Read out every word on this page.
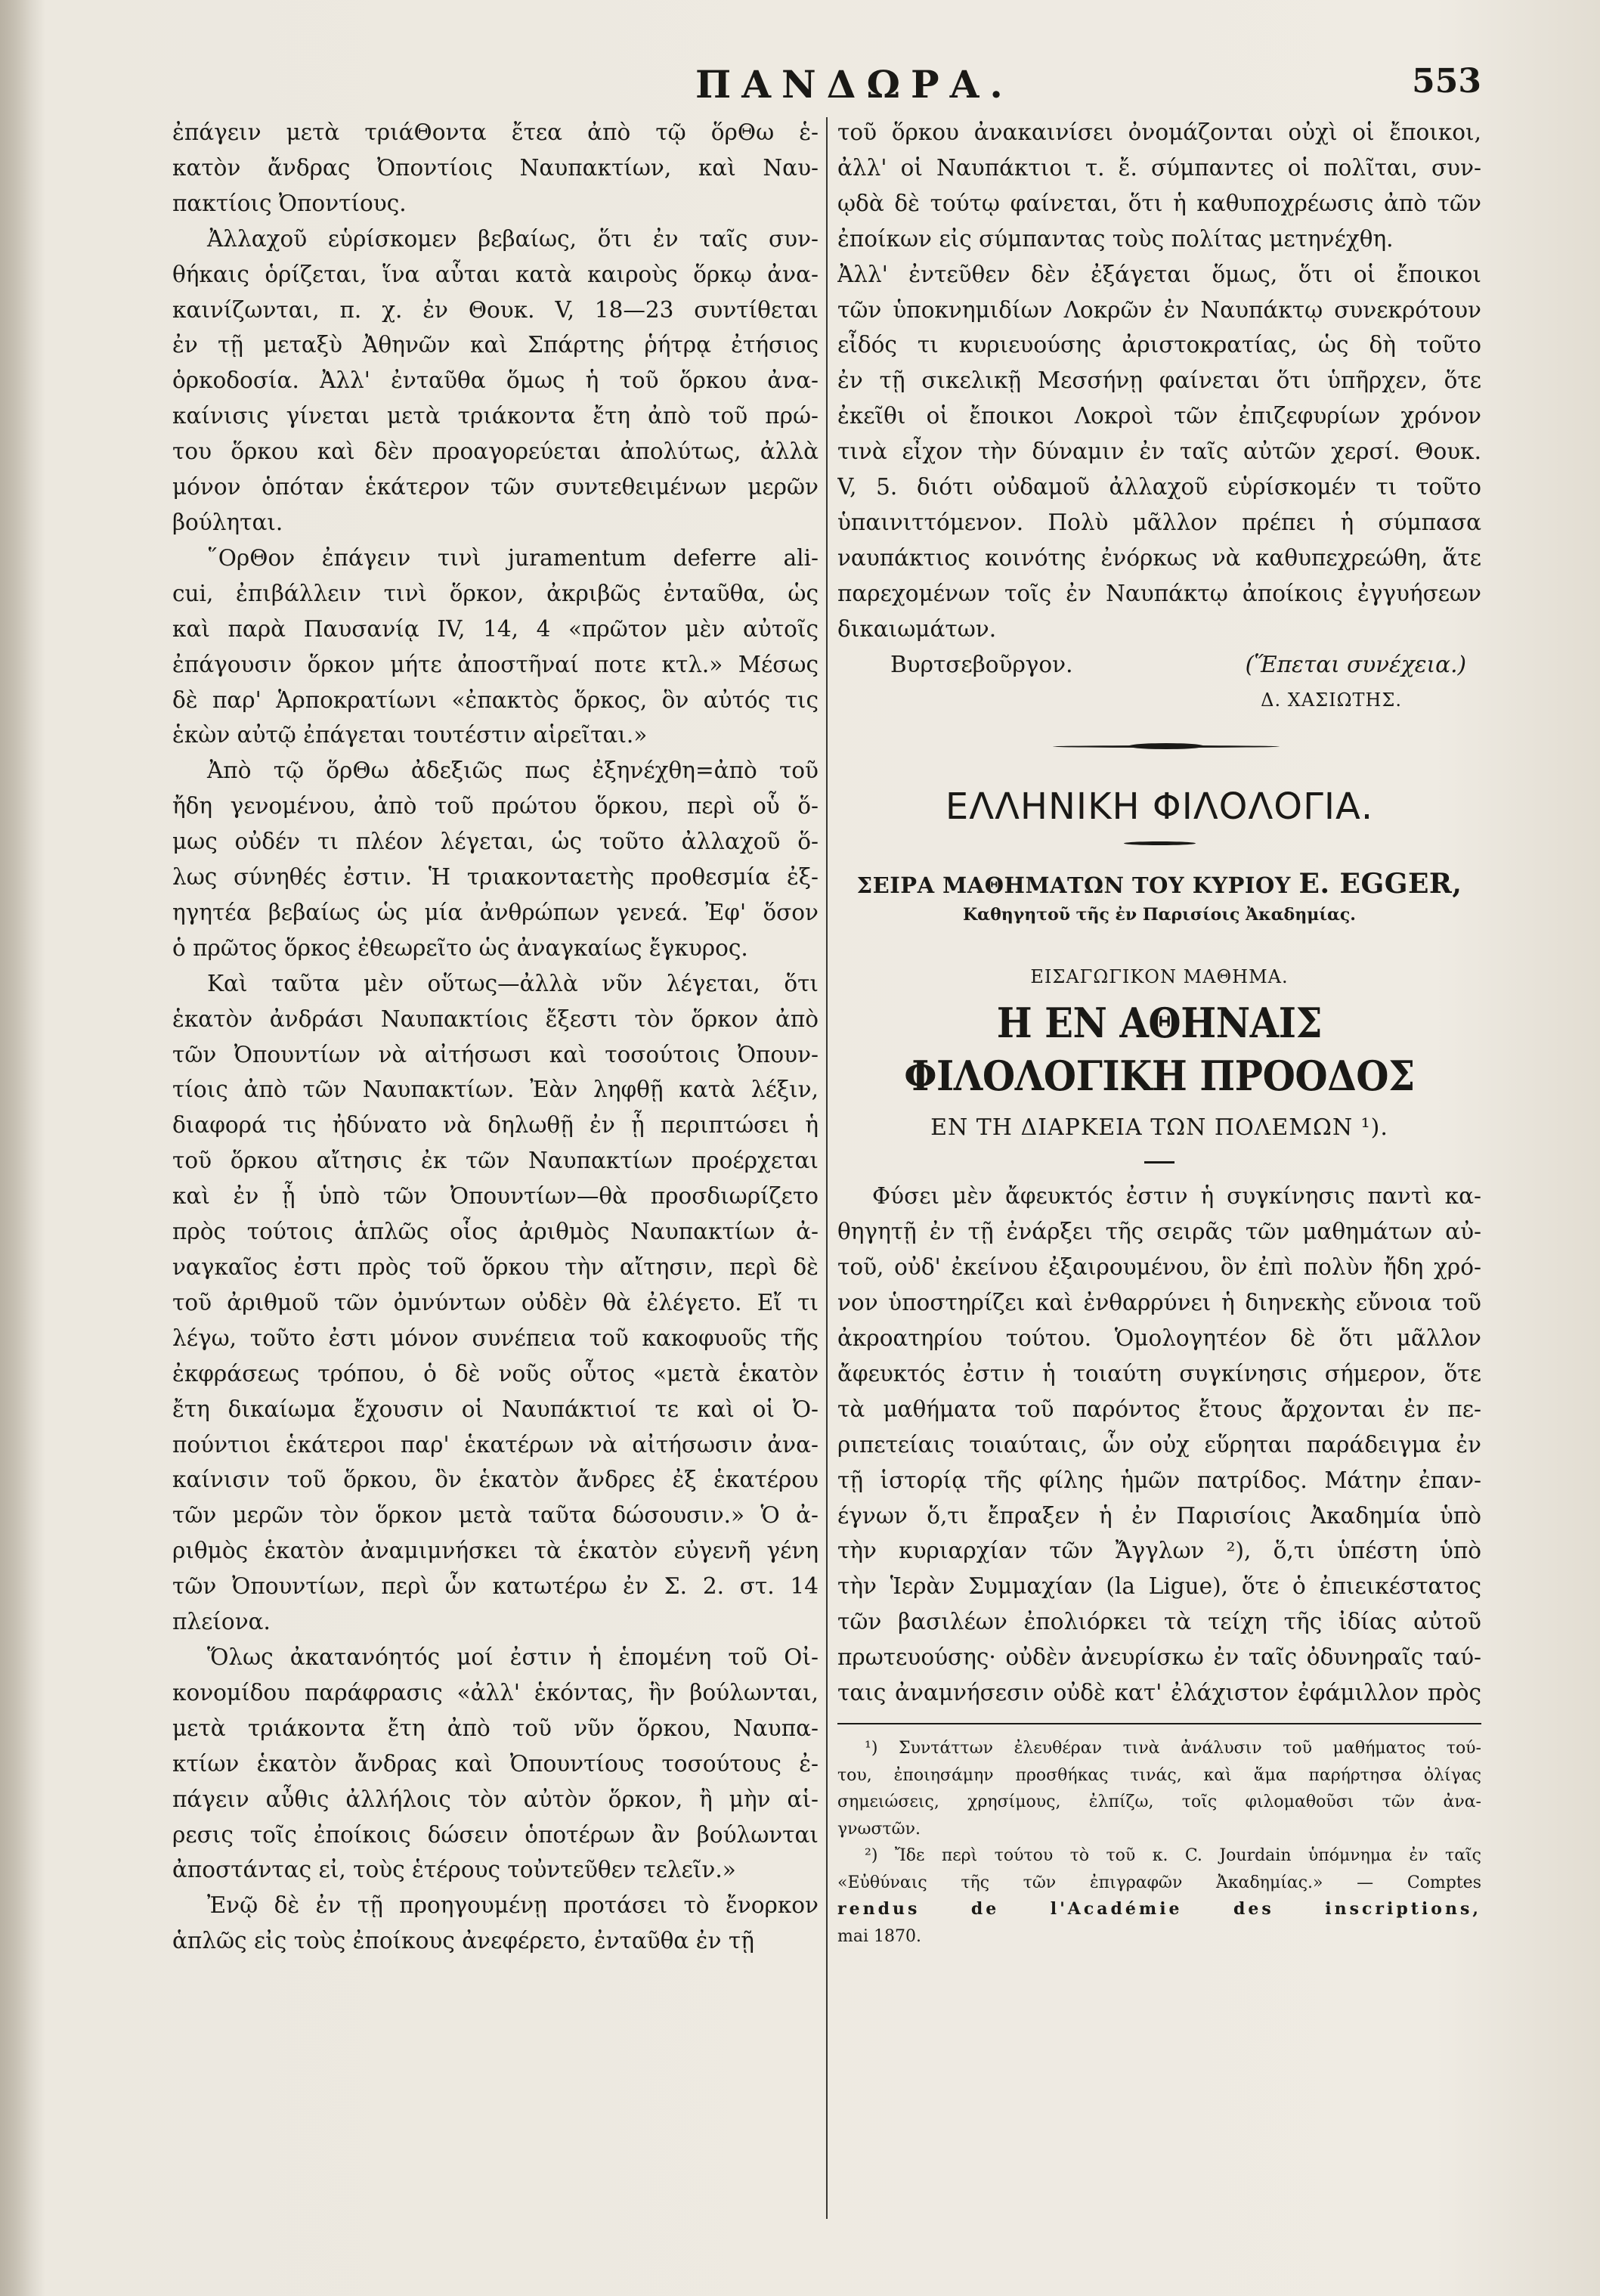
ΠΑΝΔΩΡΑ.	553

ἐπάγειν μετὰ τριάΘοντα ἔτεα ἀπὸ τῷ ὅρΘω ἑ-

κατὸν ἄνδρας Ὀποντίοις Ναυπακτίων, καὶ Ναυ-

πακτίοις Ὀποντίους.

Ἀλλαχοῦ εὑρίσκομεν βεβαίως, ὅτι ἐν ταῖς συν-

θήκαις ὁρίζεται, ἵνα αὗται κατὰ καιροὺς ὅρκῳ ἀνα-

καινίζωνται, π. χ. ἐν Θουκ. V, 18—23 συντίθεται

ἐν τῇ μεταξὺ Ἀθηνῶν καὶ Σπάρτης ῥήτρᾳ ἐτήσιος

ὁρκοδοσία. Ἀλλ' ἐνταῦθα ὅμως ἡ τοῦ ὅρκου ἀνα-

καίνισις γίνεται μετὰ τριάκοντα ἔτη ἀπὸ τοῦ πρώ-

του ὅρκου καὶ δὲν προαγορεύεται ἀπολύτως, ἀλλὰ

μόνον ὁπόταν ἑκάτερον τῶν συντεθειμένων μερῶν

βούληται.

῞ΟρΘον ἐπάγειν τινὶ juramentum deferre ali-

cui, ἐπιβάλλειν τινὶ ὅρκον, ἀκριβῶς ἐνταῦθα, ὡς

καὶ παρὰ Παυσανίᾳ IV, 14, 4 «πρῶτον μὲν αὐτοῖς

ἐπάγουσιν ὅρκον μήτε ἀποστῆναί ποτε κτλ.» Μέσως

δὲ παρ' Ἁρποκρατίωνι «ἐπακτὸς ὅρκος, ὃν αὐτός τις

ἑκὼν αὐτῷ ἐπάγεται τουτέστιν αἱρεῖται.»

Ἀπὸ τῷ ὅρΘω ἀδεξιῶς πως ἐξηνέχθη=ἀπὸ τοῦ

ἤδη γενομένου, ἀπὸ τοῦ πρώτου ὅρκου, περὶ οὗ ὅ-

μως οὐδέν τι πλέον λέγεται, ὡς τοῦτο ἀλλαχοῦ ὅ-

λως σύνηθές ἐστιν. Ἡ τριακονταετὴς προθεσμία ἐξ-

ηγητέα βεβαίως ὡς μία ἀνθρώπων γενεά. Ἐφ' ὅσον

ὁ πρῶτος ὅρκος ἐθεωρεῖτο ὡς ἀναγκαίως ἔγκυρος.

Καὶ ταῦτα μὲν οὕτως—ἀλλὰ νῦν λέγεται, ὅτι

ἑκατὸν ἀνδράσι Ναυπακτίοις ἔξεστι τὸν ὅρκον ἀπὸ

τῶν Ὀπουντίων νὰ αἰτήσωσι καὶ τοσούτοις Ὀπουν-

τίοις ἀπὸ τῶν Ναυπακτίων. Ἐὰν ληφθῇ κατὰ λέξιν,

διαφορά τις ἠδύνατο νὰ δηλωθῇ ἐν ᾗ περιπτώσει ἡ

τοῦ ὅρκου αἴτησις ἐκ τῶν Ναυπακτίων προέρχεται

καὶ ἐν ᾗ ὑπὸ τῶν Ὀπουντίων—θὰ προσδιωρίζετο

πρὸς τούτοις ἁπλῶς οἷος ἀριθμὸς Ναυπακτίων ἀ-

ναγκαῖος ἐστι πρὸς τοῦ ὅρκου τὴν αἴτησιν, περὶ δὲ

τοῦ ἀριθμοῦ τῶν ὀμνύντων οὐδὲν θὰ ἐλέγετο. Εἴ τι

λέγω, τοῦτο ἐστι μόνον συνέπεια τοῦ κακοφυοῦς τῆς

ἐκφράσεως τρόπου, ὁ δὲ νοῦς οὗτος «μετὰ ἑκατὸν

ἔτη δικαίωμα ἔχουσιν οἱ Ναυπάκτιοί τε καὶ οἱ Ὀ-

πούντιοι ἑκάτεροι παρ' ἑκατέρων νὰ αἰτήσωσιν ἀνα-

καίνισιν τοῦ ὅρκου, ὃν ἑκατὸν ἄνδρες ἐξ ἑκατέρου

τῶν μερῶν τὸν ὅρκον μετὰ ταῦτα δώσουσιν.» Ὁ ἀ-

ριθμὸς ἑκατὸν ἀναμιμνήσκει τὰ ἑκατὸν εὐγενῆ γένη

τῶν Ὀπουντίων, περὶ ὧν κατωτέρω ἐν Σ. 2. στ. 14

πλείονα.

Ὅλως ἀκατανόητός μοί ἐστιν ἡ ἑπομένη τοῦ Οἰ-

κονομίδου παράφρασις «ἀλλ' ἑκόντας, ἣν βούλωνται,

μετὰ τριάκοντα ἔτη ἀπὸ τοῦ νῦν ὅρκου, Ναυπα-

κτίων ἑκατὸν ἄνδρας καὶ Ὀπουντίους τοσούτους ἐ-

πάγειν αὖθις ἀλλήλοις τὸν αὐτὸν ὅρκον, ἢ μὴν αἱ-

ρεσις τοῖς ἐποίκοις δώσειν ὁποτέρων ἂν βούλωνται

ἀποστάντας εἰ, τοὺς ἑτέρους τοὐντεῦθεν τελεῖν.»

Ἐνῷ δὲ ἐν τῇ προηγουμένῃ προτάσει τὸ ἔνορκον

ἁπλῶς εἰς τοὺς ἐποίκους ἀνεφέρετο, ἐνταῦθα ἐν τῇ

τοῦ ὅρκου ἀνακαινίσει ὀνομάζονται οὐχὶ οἱ ἔποικοι,

ἀλλ' οἱ Ναυπάκτιοι τ. ἔ. σύμπαντες οἱ πολῖται, συν-

ῳδὰ δὲ τούτῳ φαίνεται, ὅτι ἡ καθυποχρέωσις ἀπὸ τῶν

ἐποίκων εἰς σύμπαντας τοὺς πολίτας μετηνέχθη.

Ἀλλ' ἐντεῦθεν δὲν ἐξάγεται ὅμως, ὅτι οἱ ἔποικοι

τῶν ὑποκνημιδίων Λοκρῶν ἐν Ναυπάκτῳ συνεκρότουν

εἶδός τι κυριευούσης ἀριστοκρατίας, ὡς δὴ τοῦτο

ἐν τῇ σικελικῇ Μεσσήνῃ φαίνεται ὅτι ὑπῆρχεν, ὅτε

ἐκεῖθι οἱ ἔποικοι Λοκροὶ τῶν ἐπιζεφυρίων χρόνον

τινὰ εἶχον τὴν δύναμιν ἐν ταῖς αὐτῶν χερσί. Θουκ.

V, 5. διότι οὐδαμοῦ ἀλλαχοῦ εὑρίσκομέν τι τοῦτο

ὑπαινιττόμενον. Πολὺ μᾶλλον πρέπει ἡ σύμπασα

ναυπάκτιος κοινότης ἐνόρκως νὰ καθυπεχρεώθη, ἅτε

παρεχομένων τοῖς ἐν Ναυπάκτῳ ἀποίκοις ἐγγυήσεων

δικαιωμάτων.

Βυρτσεβοῦργον.	(Ἕπεται συνέχεια.)
Δ. ΧΑΣΙΩΤΗΣ.
ΕΛΛΗΝΙΚΗ ΦΙΛΟΛΟΓΙΑ.
ΣΕΙΡΑ ΜΑΘΗΜΑΤΩΝ ΤΟΥ ΚΥΡΙΟΥ E. EGGER,
Καθηγητοῦ τῆς ἐν Παρισίοις Ἀκαδημίας.
ΕΙΣΑΓΩΓΙΚΟΝ ΜΑΘΗΜΑ.
Η ΕΝ ΑΘΗΝΑΙΣ ΦΙΛΟΛΟΓΙΚΗ ΠΡΟΟΔΟΣ
ΕΝ ΤΗ ΔΙΑΡΚΕΙΑ ΤΩΝ ΠΟΛΕΜΩΝ ¹).

Φύσει μὲν ἄφευκτός ἐστιν ἡ συγκίνησις παντὶ κα-

θηγητῇ ἐν τῇ ἐνάρξει τῆς σειρᾶς τῶν μαθημάτων αὐ-

τοῦ, οὐδ' ἐκείνου ἐξαιρουμένου, ὃν ἐπὶ πολὺν ἤδη χρό-

νον ὑποστηρίζει καὶ ἐνθαρρύνει ἡ διηνεκὴς εὔνοια τοῦ

ἀκροατηρίου τούτου. Ὁμολογητέον δὲ ὅτι μᾶλλον

ἄφευκτός ἐστιν ἡ τοιαύτη συγκίνησις σήμερον, ὅτε

τὰ μαθήματα τοῦ παρόντος ἔτους ἄρχονται ἐν πε-

ριπετείαις τοιαύταις, ὧν οὐχ εὕρηται παράδειγμα ἐν

τῇ ἱστορίᾳ τῆς φίλης ἡμῶν πατρίδος. Μάτην ἐπαν-

έγνων ὅ,τι ἔπραξεν ἡ ἐν Παρισίοις Ἀκαδημία ὑπὸ

τὴν κυριαρχίαν τῶν Ἄγγλων ²), ὅ,τι ὑπέστη ὑπὸ

τὴν Ἱερὰν Συμμαχίαν (la Ligue), ὅτε ὁ ἐπιεικέστατος

τῶν βασιλέων ἐπολιόρκει τὰ τείχη τῆς ἰδίας αὐτοῦ

πρωτευούσης· οὐδὲν ἀνευρίσκω ἐν ταῖς ὀδυνηραῖς ταύ-

ταις ἀναμνήσεσιν οὐδὲ κατ' ἐλάχιστον ἐφάμιλλον πρὸς

¹) Συντάττων ἐλευθέραν τινὰ ἀνάλυσιν τοῦ μαθήματος τού-

του, ἐποιησάμην προσθήκας τινάς, καὶ ἅμα παρήρτησα ὀλίγας

σημειώσεις, χρησίμους, ἐλπίζω, τοῖς φιλομαθοῦσι τῶν ἀνα-

γνωστῶν.

²) Ἴδε περὶ τούτου τὸ τοῦ κ. C. Jourdain ὑπόμνημα ἐν ταῖς

«Εὐθύναις τῆς τῶν ἐπιγραφῶν Ἀκαδημίας.» — Comptes

rendus de l'Académie des inscriptions,

mai 1870.
